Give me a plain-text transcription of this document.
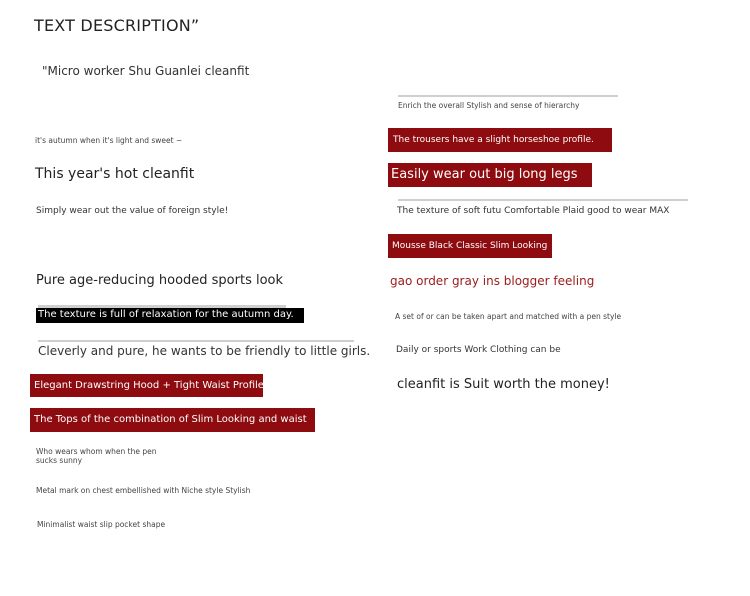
TEXT DESCRIPTION”
"Micro worker Shu Guanlei cleanfit
it's autumn when it's light and sweet ~
This year's hot cleanfit
Simply wear out the value of foreign style!
Pure age-reducing hooded sports look
The texture is full of relaxation for the autumn day.
Cleverly and pure, he wants to be friendly to little girls.
Elegant Drawstring Hood + Tight Waist Profile
The Tops of the combination of Slim Looking and waist
Who wears whom when the pen
sucks sunny
Metal mark on chest embellished with Niche style Stylish
Minimalist waist slip pocket shape
Enrich the overall Stylish and sense of hierarchy
The trousers have a slight horseshoe profile.
Easily wear out big long legs
The texture of soft futu Comfortable Plaid good to wear MAX
Mousse Black Classic Slim Looking
gao order gray ins blogger feeling
A set of or can be taken apart and matched with a pen style
Daily or sports Work Clothing can be
cleanfit is Suit worth the money!
